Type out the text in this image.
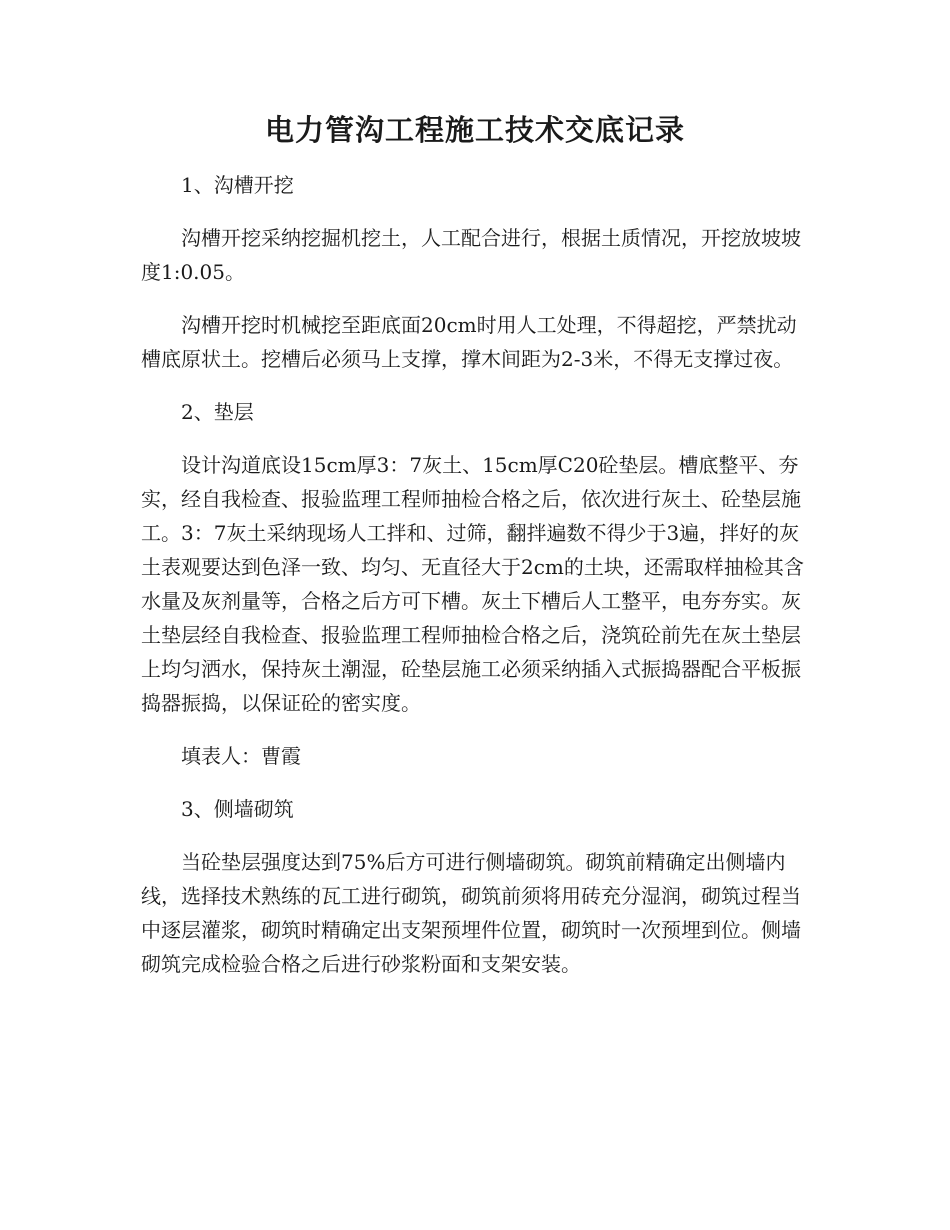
电力管沟工程施工技术交底记录

1、沟槽开挖

沟槽开挖采纳挖掘机挖土，人工配合进行，根据土质情况，开挖放坡坡度1:0.05。

沟槽开挖时机械挖至距底面20cm时用人工处理，不得超挖，严禁扰动槽底原状土。挖槽后必须马上支撑，撑木间距为2-3米，不得无支撑过夜。

2、垫层

设计沟道底设15cm厚3：7灰土、15cm厚C20砼垫层。槽底整平、夯实，经自我检查、报验监理工程师抽检合格之后，依次进行灰土、砼垫层施工。3：7灰土采纳现场人工拌和、过筛，翻拌遍数不得少于3遍，拌好的灰土表观要达到色泽一致、均匀、无直径大于2cm的土块，还需取样抽检其含水量及灰剂量等，合格之后方可下槽。灰土下槽后人工整平，电夯夯实。灰土垫层经自我检查、报验监理工程师抽检合格之后，浇筑砼前先在灰土垫层上均匀洒水，保持灰土潮湿，砼垫层施工必须采纳插入式振捣器配合平板振捣器振捣，以保证砼的密实度。

填表人：曹霞

3、侧墙砌筑

当砼垫层强度达到75%后方可进行侧墙砌筑。砌筑前精确定出侧墙内线，选择技术熟练的瓦工进行砌筑，砌筑前须将用砖充分湿润，砌筑过程当中逐层灌浆，砌筑时精确定出支架预埋件位置，砌筑时一次预埋到位。侧墙砌筑完成检验合格之后进行砂浆粉面和支架安装。
